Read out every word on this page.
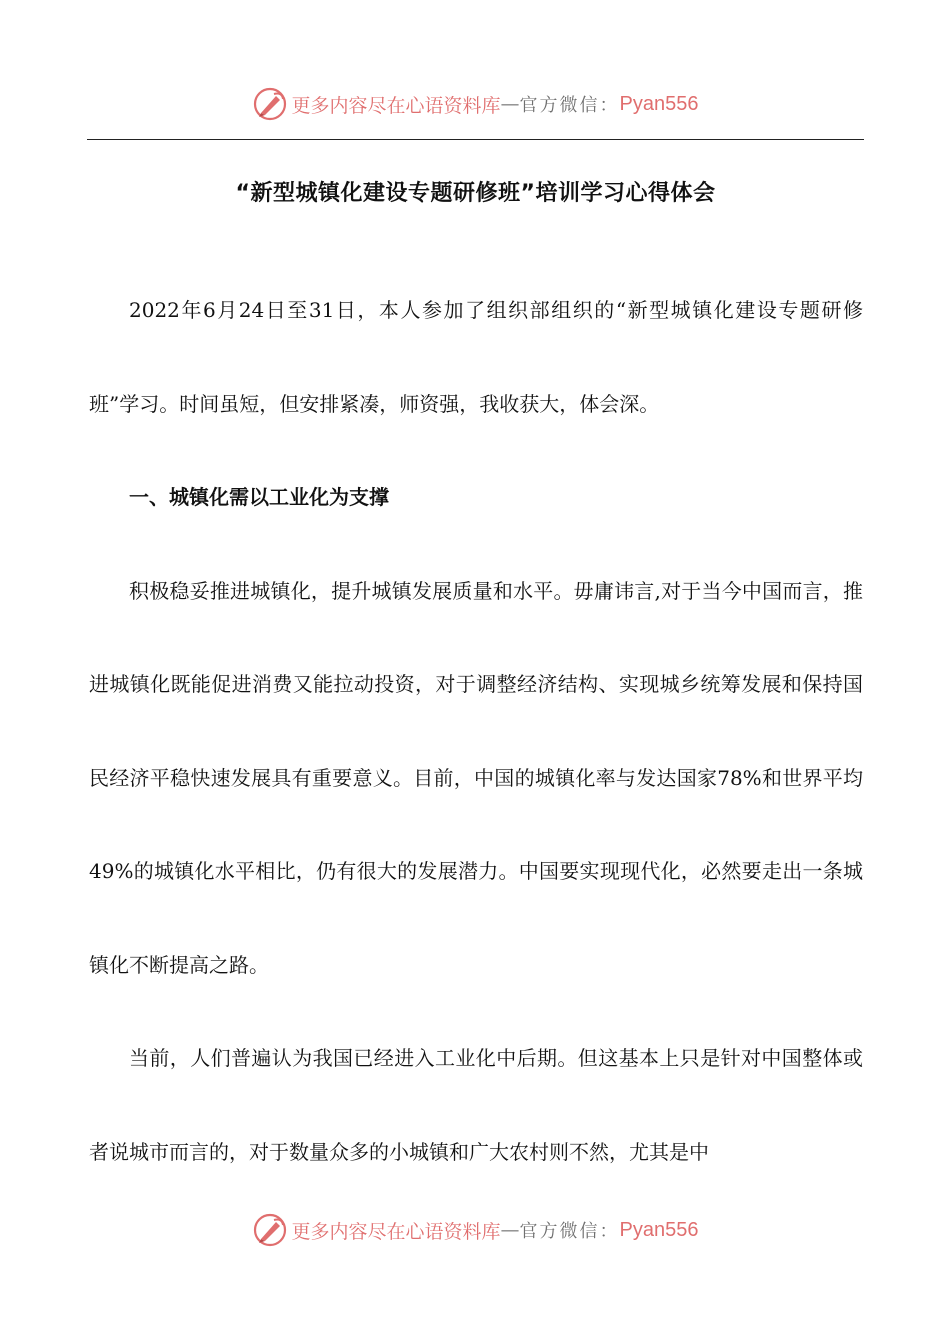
更多内容尽在心语资料库 — 官方微信： Pyan556
“新型城镇化建设专题研修班”培训学习心得体会

2022年6月24日至31日，本人参加了组织部组织的“新型城镇化建设专题研修班”学习。时间虽短，但安排紧凑，师资强，我收获大，体会深。

一、城镇化需以工业化为支撑

积极稳妥推进城镇化，提升城镇发展质量和水平。毋庸讳言,对于当今中国而言，推进城镇化既能促进消费又能拉动投资，对于调整经济结构、实现城乡统筹发展和保持国民经济平稳快速发展具有重要意义。目前，中国的城镇化率与发达国家78%和世界平均49%的城镇化水平相比，仍有很大的发展潜力。中国要实现现代化，必然要走出一条城镇化不断提高之路。

当前，人们普遍认为我国已经进入工业化中后期。但这基本上只是针对中国整体或者说城市而言的，对于数量众多的小城镇和广大农村则不然，尤其是中

更多内容尽在心语资料库 — 官方微信： Pyan556
